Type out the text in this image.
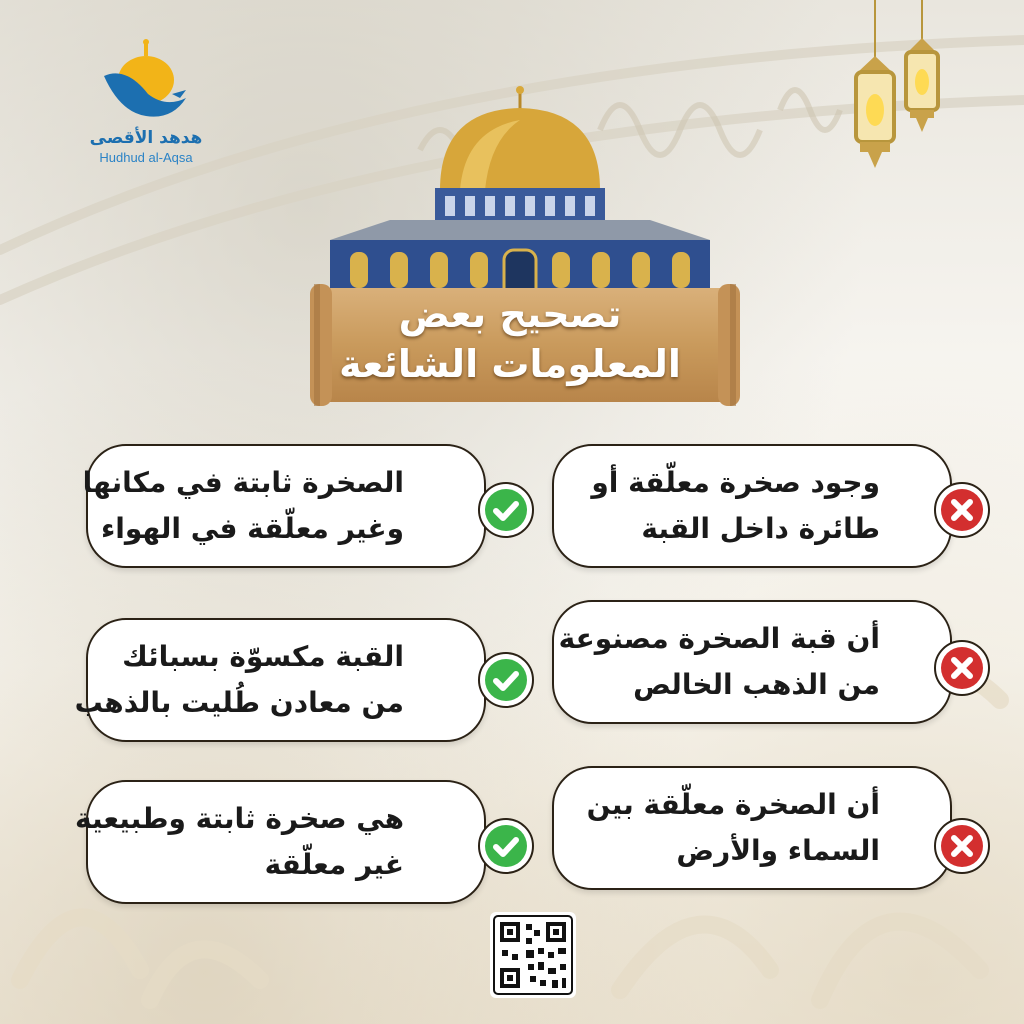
هدهد الأقصى
Hudhud al-Aqsa
تصحيح بعض
المعلومات الشائعة
وجود صخرة معلّقة أو
طائرة داخل القبة
أن قبة الصخرة مصنوعة
من الذهب الخالص
أن الصخرة معلّقة بين
السماء والأرض
الصخرة ثابتة في مكانها
وغير معلّقة في الهواء
القبة مكسوّة بسبائك
من معادن طُليت بالذهب
هي صخرة ثابتة وطبيعية
غير معلّقة
